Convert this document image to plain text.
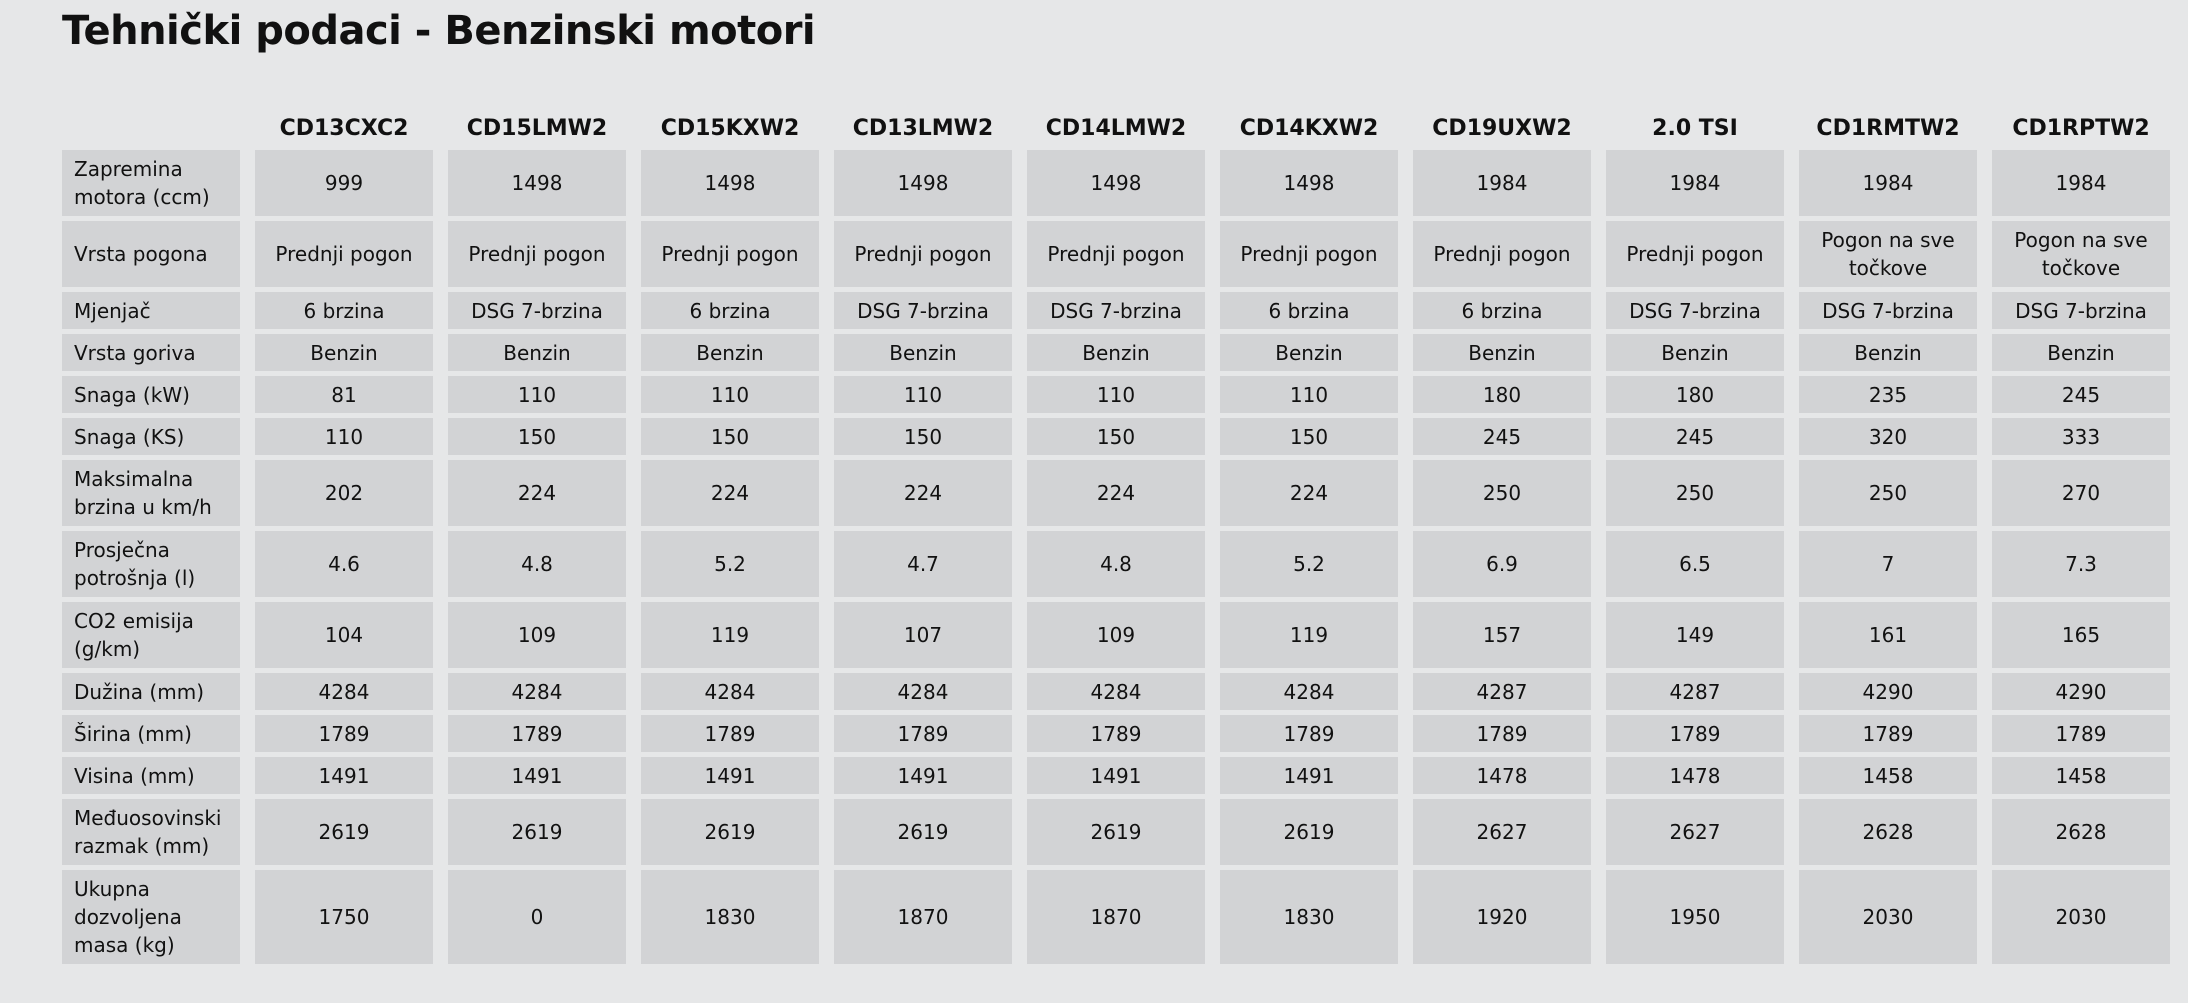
Tehnički podaci - Benzinski motori
	CD13CXC2	CD15LMW2	CD15KXW2	CD13LMW2	CD14LMW2	CD14KXW2	CD19UXW2	2.0 TSI	CD1RMTW2	CD1RPTW2
Zapremina motora (ccm)	999	1498	1498	1498	1498	1498	1984	1984	1984	1984
Vrsta pogona	Prednji pogon	Prednji pogon	Prednji pogon	Prednji pogon	Prednji pogon	Prednji pogon	Prednji pogon	Prednji pogon	Pogon na sve točkove	Pogon na sve točkove
Mjenjač	6 brzina	DSG 7-brzina	6 brzina	DSG 7-brzina	DSG 7-brzina	6 brzina	6 brzina	DSG 7-brzina	DSG 7-brzina	DSG 7-brzina
Vrsta goriva	Benzin	Benzin	Benzin	Benzin	Benzin	Benzin	Benzin	Benzin	Benzin	Benzin
Snaga (kW)	81	110	110	110	110	110	180	180	235	245
Snaga (KS)	110	150	150	150	150	150	245	245	320	333
Maksimalna brzina u km/h	202	224	224	224	224	224	250	250	250	270
Prosječna potrošnja (l)	4.6	4.8	5.2	4.7	4.8	5.2	6.9	6.5	7	7.3
CO2 emisija (g/km)	104	109	119	107	109	119	157	149	161	165
Dužina (mm)	4284	4284	4284	4284	4284	4284	4287	4287	4290	4290
Širina (mm)	1789	1789	1789	1789	1789	1789	1789	1789	1789	1789
Visina (mm)	1491	1491	1491	1491	1491	1491	1478	1478	1458	1458
Međuosovinski razmak (mm)	2619	2619	2619	2619	2619	2619	2627	2627	2628	2628
Ukupna dozvoljena masa (kg)	1750	0	1830	1870	1870	1830	1920	1950	2030	2030
